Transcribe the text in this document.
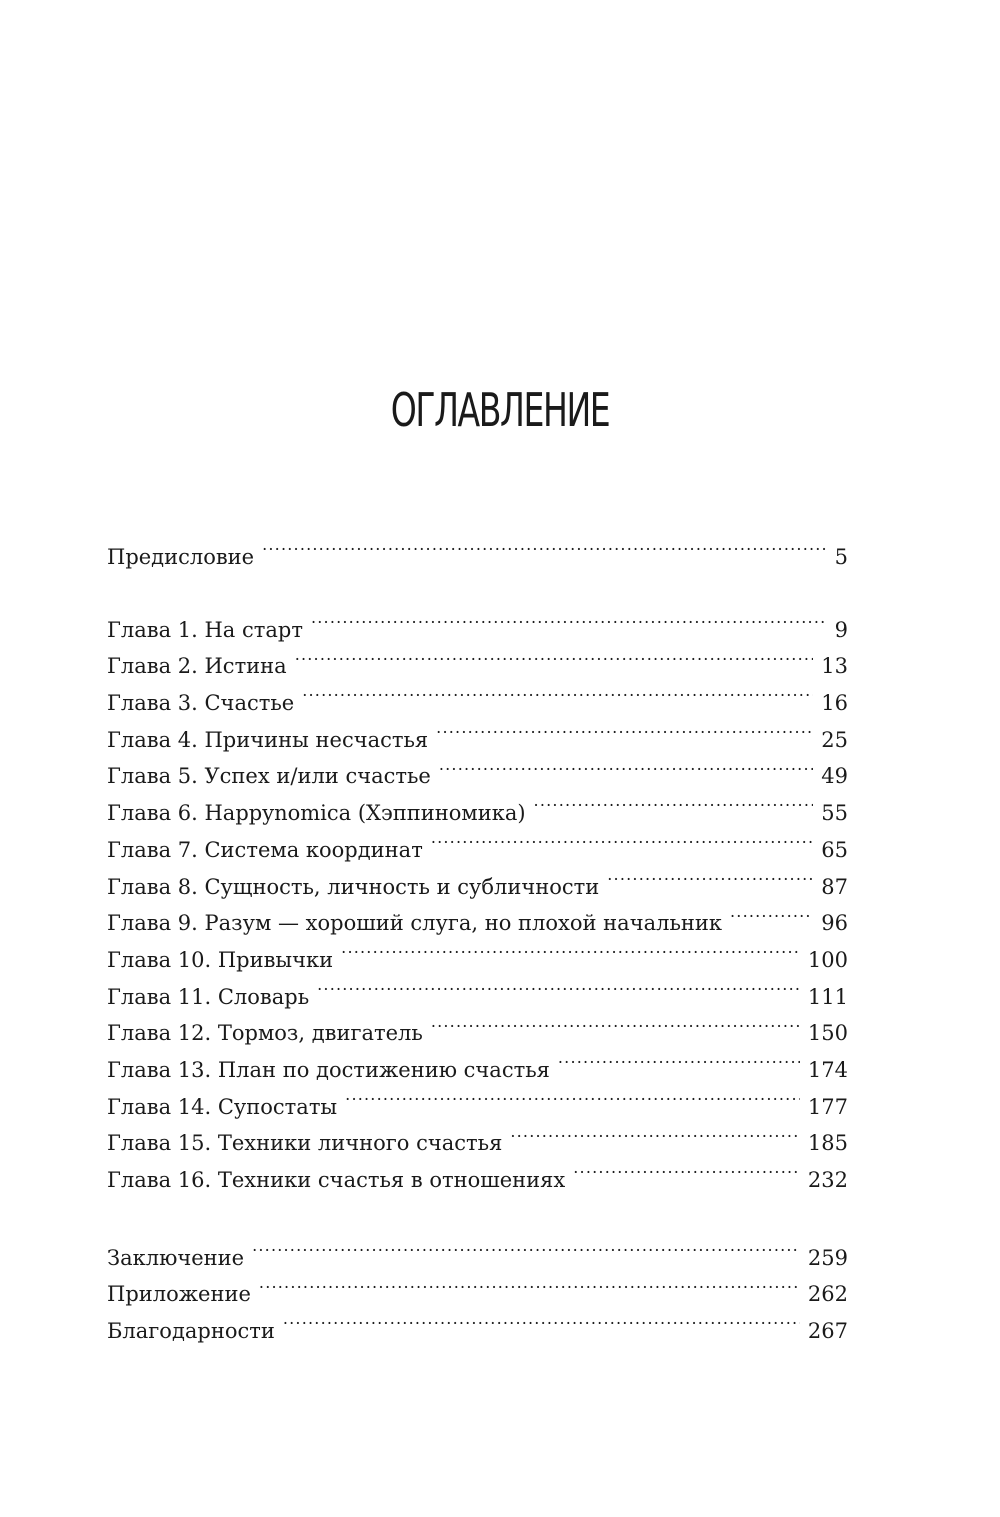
ОГЛАВЛЕНИЕ
Предисловие .....	5
Глава 1. На старт .....	9
Глава 2. Истина .....	13
Глава 3. Счастье .....	16
Глава 4. Причины несчастья .....	25
Глава 5. Успех и/или счастье .....	49
Глава 6. Happynomica (Хэппиномика) .....	55
Глава 7. Система координат .....	65
Глава 8. Сущность, личность и субличности .....	87
Глава 9. Разум — хороший слуга, но плохой начальник .....	96
Глава 10. Привычки .....	100
Глава 11. Словарь .....	111
Глава 12. Тормоз, двигатель .....	150
Глава 13. План по достижению счастья .....	174
Глава 14. Супостаты .....	177
Глава 15. Техники личного счастья .....	185
Глава 16. Техники счастья в отношениях .....	232
Заключение .....	259
Приложение .....	262
Благодарности .....	267
